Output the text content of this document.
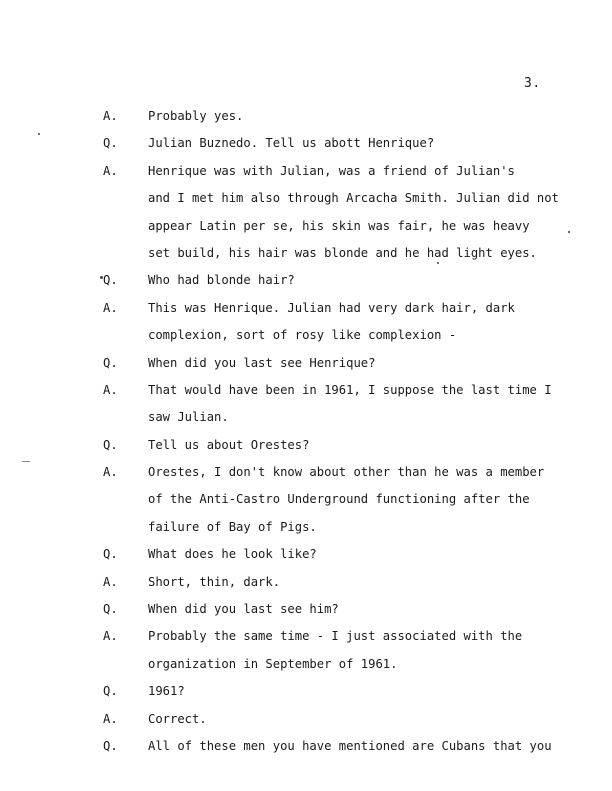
3.
A. Probably yes.
Q. Julian Buznedo. Tell us abott Henrique?
A. Henrique was with Julian, was a friend of Julian's
and I met him also through Arcacha Smith. Julian did not
appear Latin per se, his skin was fair, he was heavy
set build, his hair was blonde and he had light eyes.
Q. Who had blonde hair?
A. This was Henrique. Julian had very dark hair, dark
complexion, sort of rosy like complexion -
Q. When did you last see Henrique?
A. That would have been in 1961, I suppose the last time I
saw Julian.
Q. Tell us about Orestes?
A. Orestes, I don't know about other than he was a member
of the Anti-Castro Underground functioning after the
failure of Bay of Pigs.
Q. What does he look like?
A. Short, thin, dark.
Q. When did you last see him?
A. Probably the same time - I just associated with the
organization in September of 1961.
Q. 1961?
A. Correct.
Q. All of these men you have mentioned are Cubans that you
